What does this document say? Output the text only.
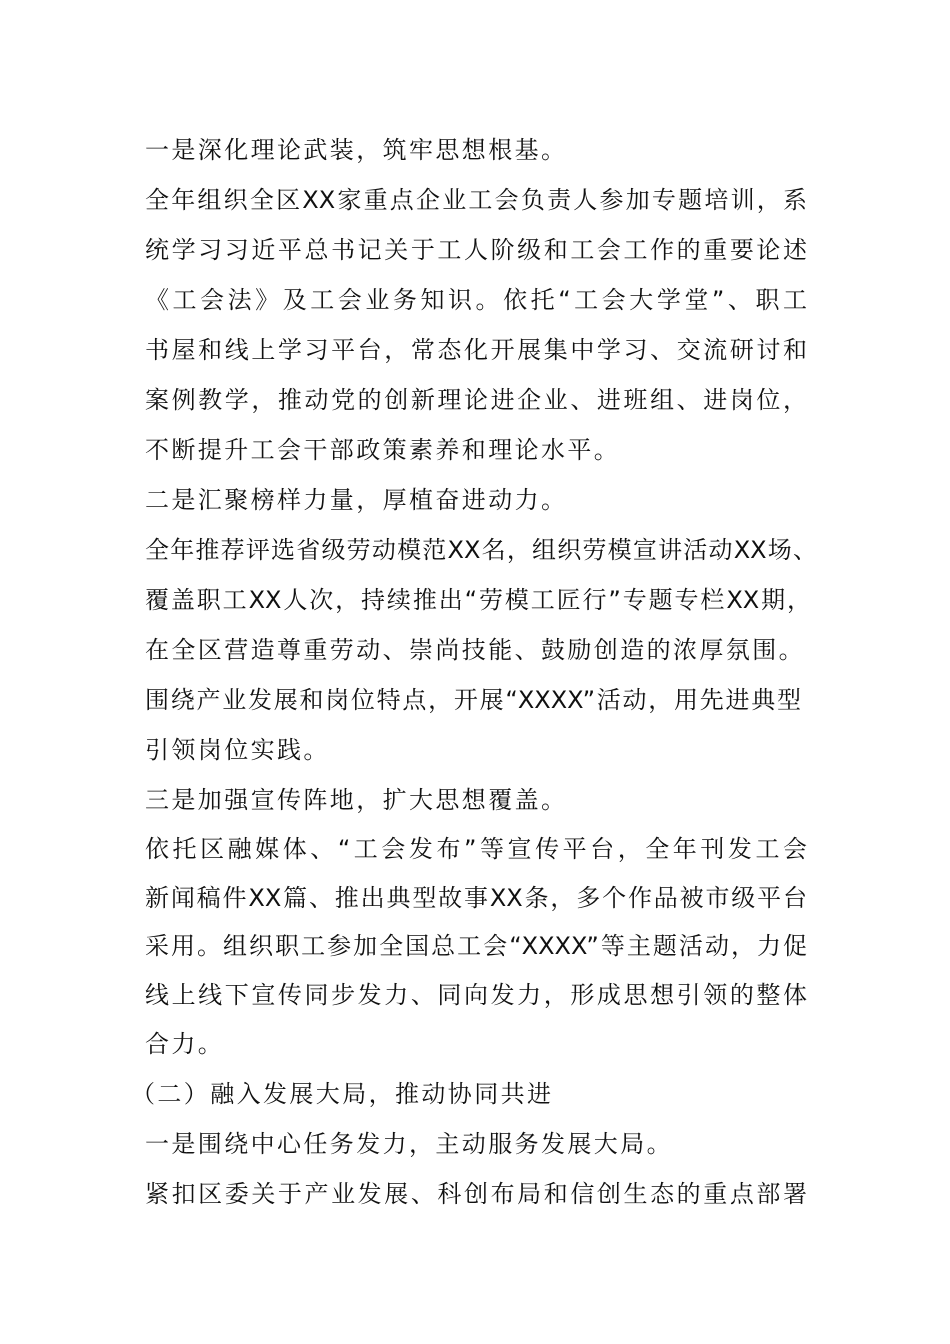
一是深化理论武装，筑牢思想根基。
全年组织全区XX家重点企业工会负责人参加专题培训，系
统学习习近平总书记关于工人阶级和工会工作的重要论述
《工会法》及工会业务知识。依托“工会大学堂”、职工
书屋和线上学习平台，常态化开展集中学习、交流研讨和
案例教学，推动党的创新理论进企业、进班组、进岗位，
不断提升工会干部政策素养和理论水平。
二是汇聚榜样力量，厚植奋进动力。
全年推荐评选省级劳动模范XX名，组织劳模宣讲活动XX场、
覆盖职工XX人次，持续推出“劳模工匠行”专题专栏XX期，
在全区营造尊重劳动、崇尚技能、鼓励创造的浓厚氛围。
围绕产业发展和岗位特点，开展“XXXX”活动，用先进典型
引领岗位实践。
三是加强宣传阵地，扩大思想覆盖。
依托区融媒体、“工会发布”等宣传平台，全年刊发工会
新闻稿件XX篇、推出典型故事XX条，多个作品被市级平台
采用。组织职工参加全国总工会“XXXX”等主题活动，力促
线上线下宣传同步发力、同向发力，形成思想引领的整体
合力。
（二）融入发展大局，推动协同共进
一是围绕中心任务发力，主动服务发展大局。
紧扣区委关于产业发展、科创布局和信创生态的重点部署
